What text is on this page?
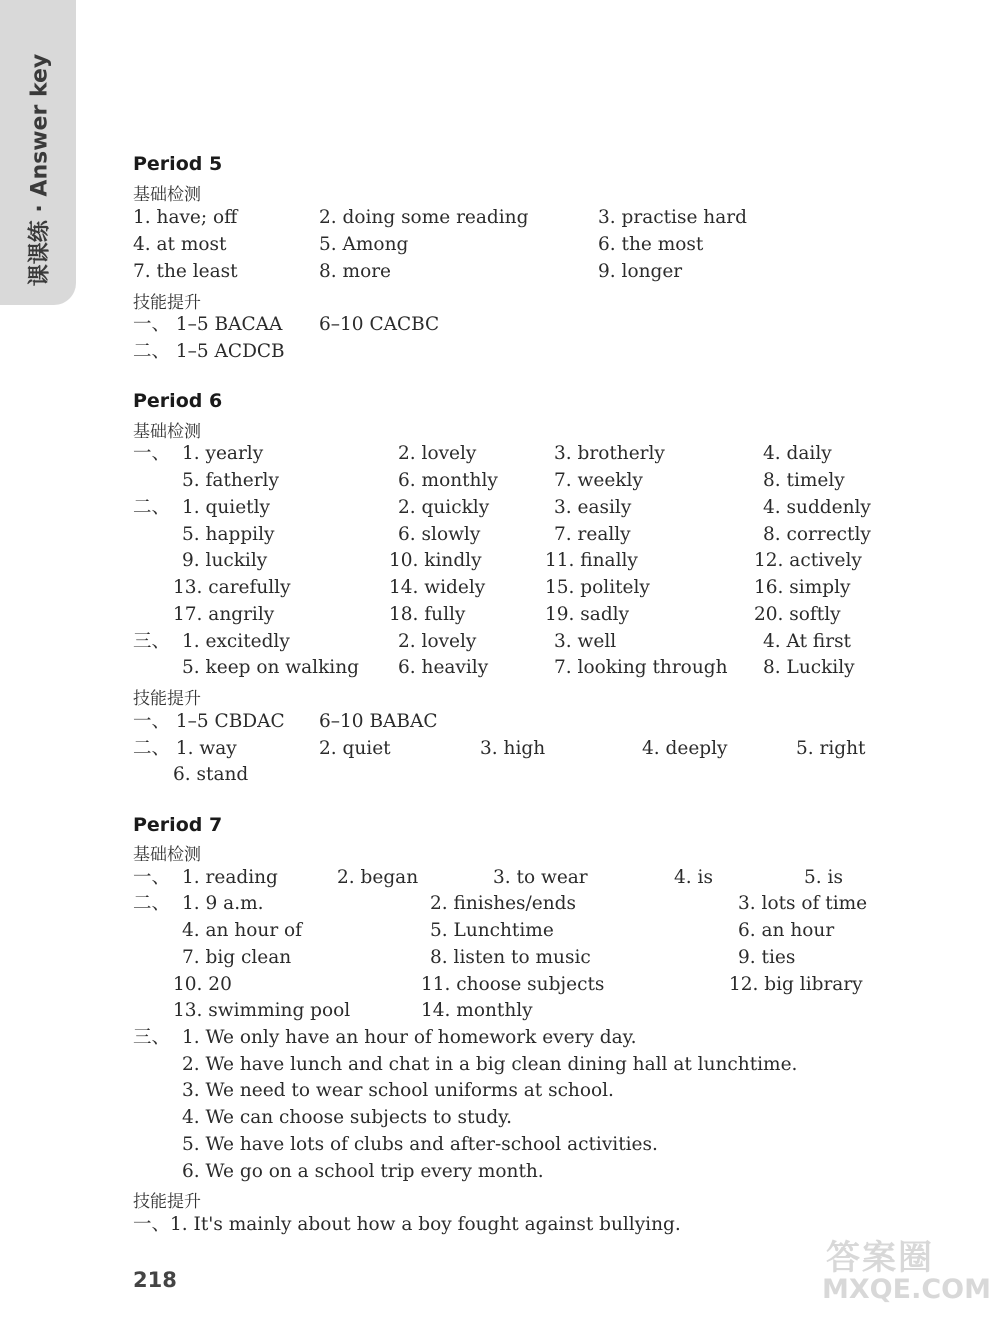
课课练 · Answer key	Period 5
基础检测
1. have; off	2. doing some reading	3. practise hard
4. at most	5. Among	6. the most
7. the least	8. more	9. longer
技能提升
一、 1–5 BACAA 6–10 CACBC
二、 1–5 ACDCB
Period 6
基础检测
一、 1. yearly	2. lovely	3. brotherly	4. daily
5. fatherly	6. monthly	7. weekly	8. timely
二、 1. quietly	2. quickly	3. easily	4. suddenly
5. happily	6. slowly	7. really	8. correctly
9. luckily	10. kindly	11. finally	12. actively
13. carefully	14. widely	15. politely	16. simply
17. angrily	18. fully	19. sadly	20. softly
三、 1. excitedly	2. lovely	3. well	4. At first
5. keep on walking 6. heavily	7. looking through 8. Luckily
技能提升
一、 1–5 CBDAC 6–10 BABAC
二、 1. way	2. quiet	3. high	4. deeply	5. right
6. stand
Period 7
基础检测
一、 1. reading	2. began	3. to wear	4. is	5. is
二、 1. 9 a.m.	2. finishes/ends	3. lots of time
4. an hour of	5. Lunchtime	6. an hour
7. big clean	8. listen to music	9. ties
10. 20	11. choose subjects	12. big library
13. swimming pool	14. monthly
三、 1. We only have an hour of homework every day.
2. We have lunch and chat in a big clean dining hall at lunchtime.
3. We need to wear school uniforms at school.
4. We can choose subjects to study.
5. We have lots of clubs and after-school activities.
6. We go on a school trip every month.
技能提升
一、1. It's mainly about how a boy fought against bullying.
218
答案圈
MXQE.COM
